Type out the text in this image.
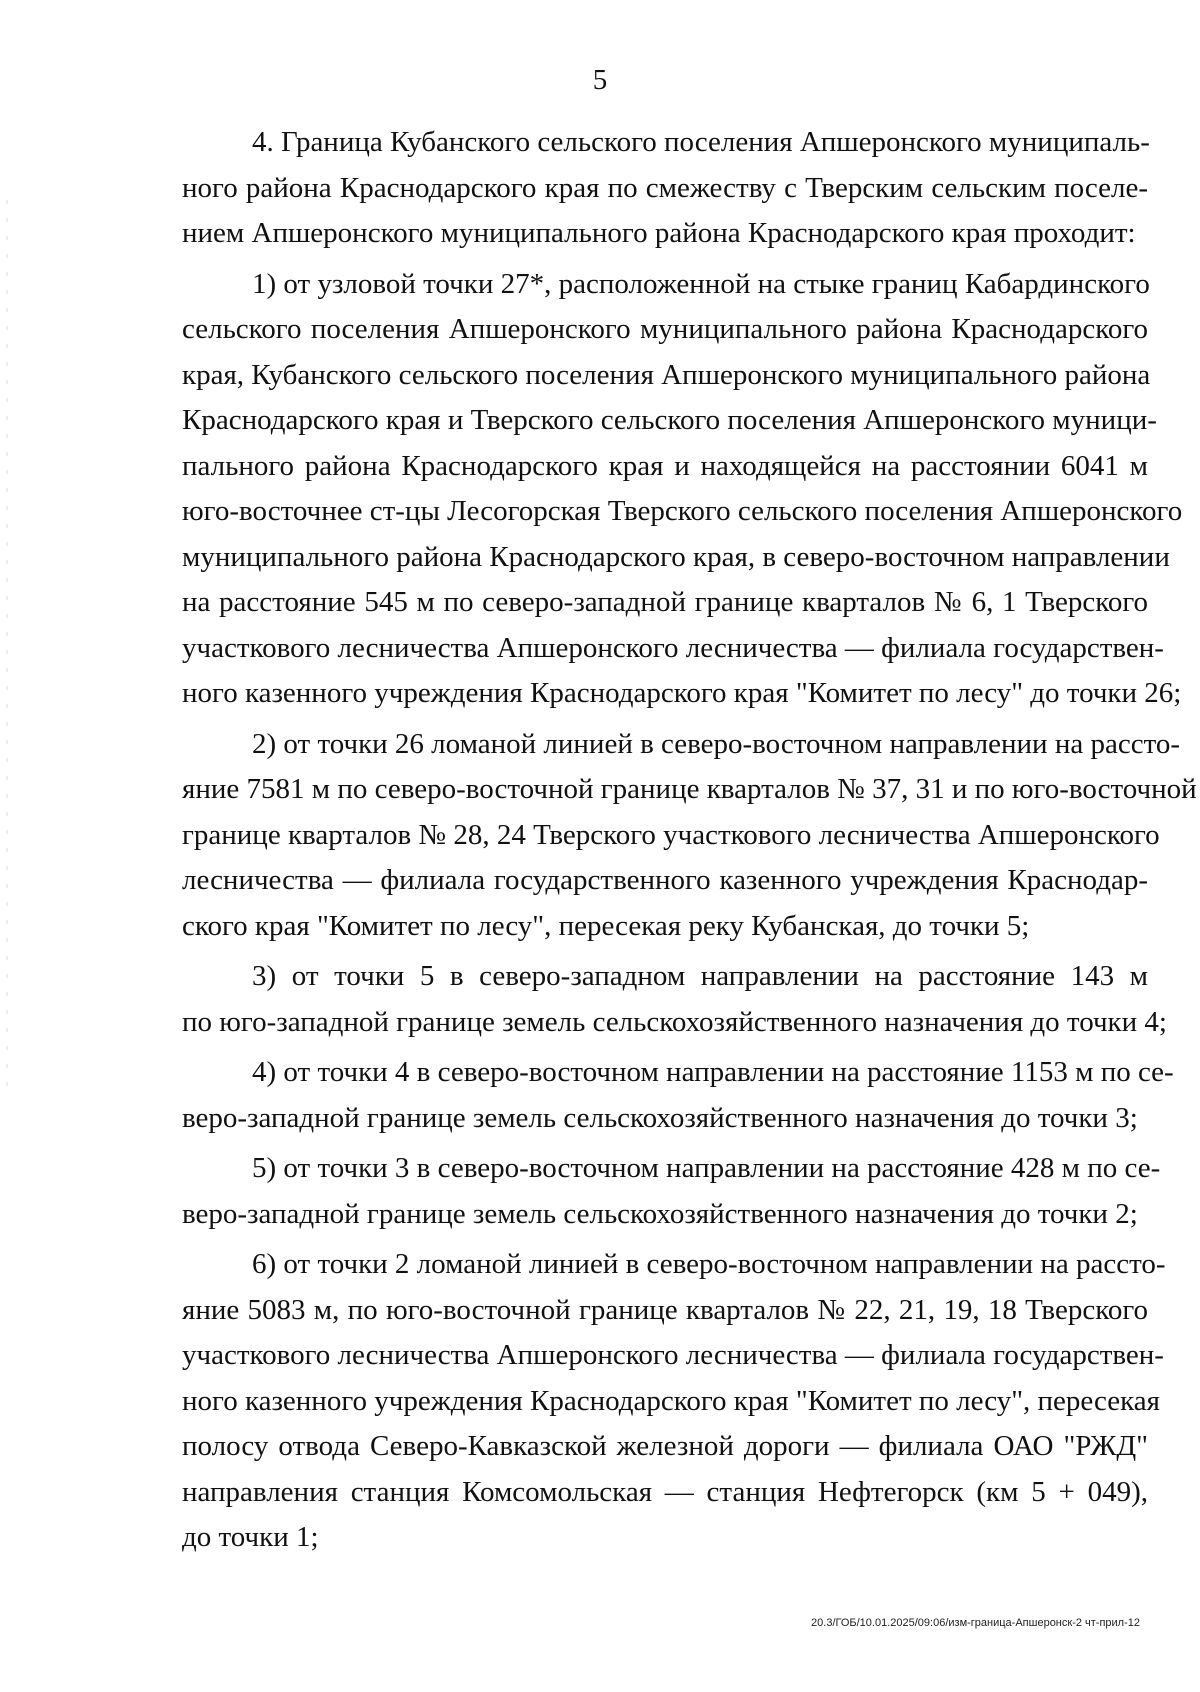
5
4. Граница Кубанского сельского поселения Апшеронского муниципаль-
ного района Краснодарского края по смежеству с Тверским сельским поселе-
нием Апшеронского муниципального района Краснодарского края проходит:
1) от узловой точки 27*, расположенной на стыке границ Кабардинского
сельского поселения Апшеронского муниципального района Краснодарского
края, Кубанского сельского поселения Апшеронского муниципального района
Краснодарского края и Тверского сельского поселения Апшеронского муници-
пального района Краснодарского края и находящейся на расстоянии 6041 м
юго-восточнее ст-цы Лесогорская Тверского сельского поселения Апшеронского
муниципального района Краснодарского края, в северо-восточном направлении
на расстояние 545 м по северо-западной границе кварталов № 6, 1 Тверского
участкового лесничества Апшеронского лесничества — филиала государствен-
ного казенного учреждения Краснодарского края "Комитет по лесу" до точки 26;
2) от точки 26 ломаной линией в северо-восточном направлении на рассто-
яние 7581 м по северо-восточной границе кварталов № 37, 31 и по юго-восточной
границе кварталов № 28, 24 Тверского участкового лесничества Апшеронского
лесничества — филиала государственного казенного учреждения Краснодар-
ского края "Комитет по лесу", пересекая реку Кубанская, до точки 5;
3) от точки 5 в северо-западном направлении на расстояние 143 м
по юго-западной границе земель сельскохозяйственного назначения до точки 4;
4) от точки 4 в северо-восточном направлении на расстояние 1153 м по се-
веро-западной границе земель сельскохозяйственного назначения до точки 3;
5) от точки 3 в северо-восточном направлении на расстояние 428 м по се-
веро-западной границе земель сельскохозяйственного назначения до точки 2;
6) от точки 2 ломаной линией в северо-восточном направлении на рассто-
яние 5083 м, по юго-восточной границе кварталов № 22, 21, 19, 18 Тверского
участкового лесничества Апшеронского лесничества — филиала государствен-
ного казенного учреждения Краснодарского края "Комитет по лесу", пересекая
полосу отвода Северо-Кавказской железной дороги — филиала ОАО "РЖД"
направления станция Комсомольская — станция Нефтегорск (км 5 + 049),
до точки 1;
20.3/ГОБ/10.01.2025/09:06/изм-граница-Апшеронск-2 чт-прил-12
